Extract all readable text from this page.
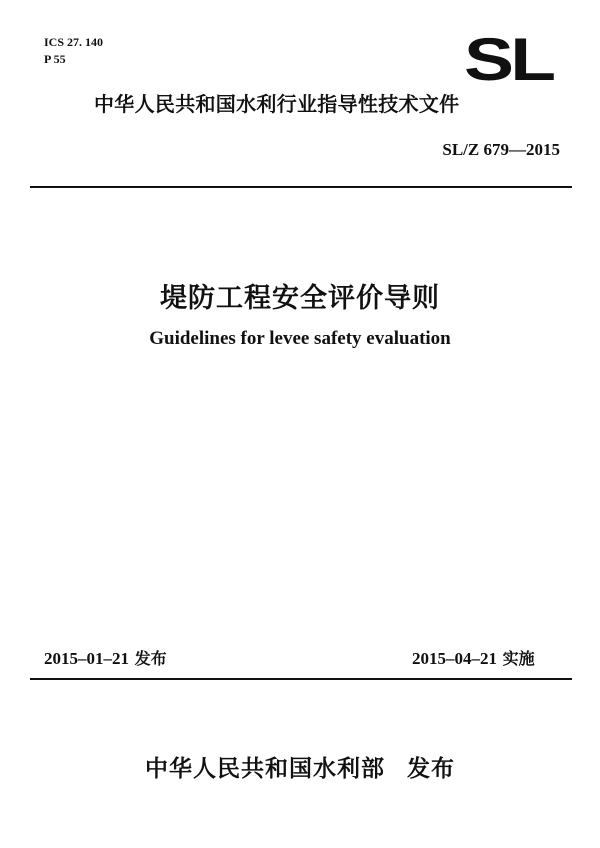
ICS 27. 140
P 55	SL
中华人民共和国水利行业指导性技术文件
SL/Z 679—2015
堤防工程安全评价导则
Guidelines for levee safety evaluation
2015–01–21 发布	2015–04–21 实施
中华人民共和国水利部 发布
